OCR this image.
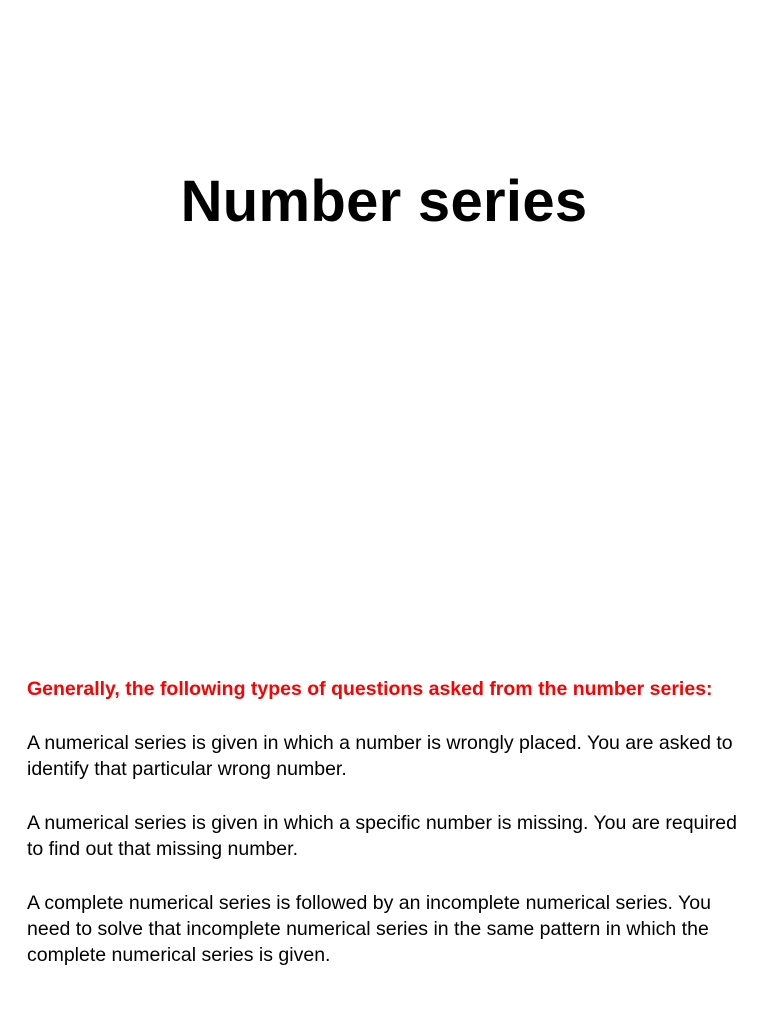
Number series

Generally, the following types of questions asked from the number series:

A numerical series is given in which a number is wrongly placed. You are asked to identify that particular wrong number.

A numerical series is given in which a specific number is missing. You are required to find out that missing number.

A complete numerical series is followed by an incomplete numerical series. You need to solve that incomplete numerical series in the same pattern in which the complete numerical series is given.
